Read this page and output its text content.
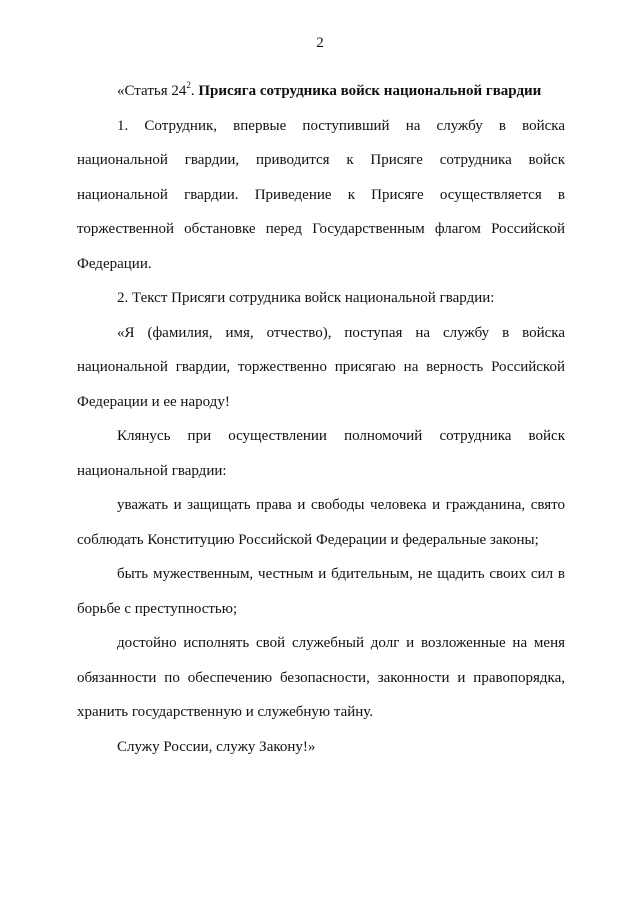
2
«Статья $24^2$. Присяга сотрудника войск национальной гвардии

1. Сотрудник, впервые поступивший на службу в войска национальной гвардии, приводится к Присяге сотрудника войск национальной гвардии. Приведение к Присяге осуществляется в торжественной обстановке перед Государственным флагом Российской Федерации.

2. Текст Присяги сотрудника войск национальной гвардии:

«Я (фамилия, имя, отчество), поступая на службу в войска национальной гвардии, торжественно присягаю на верность Российской Федерации и ее народу!

Клянусь при осуществлении полномочий сотрудника войск национальной гвардии:

уважать и защищать права и свободы человека и гражданина, свято соблюдать Конституцию Российской Федерации и федеральные законы;

быть мужественным, честным и бдительным, не щадить своих сил в борьбе с преступностью;

достойно исполнять свой служебный долг и возложенные на меня обязанности по обеспечению безопасности, законности и правопорядка, хранить государственную и служебную тайну.

Служу России, служу Закону!»
